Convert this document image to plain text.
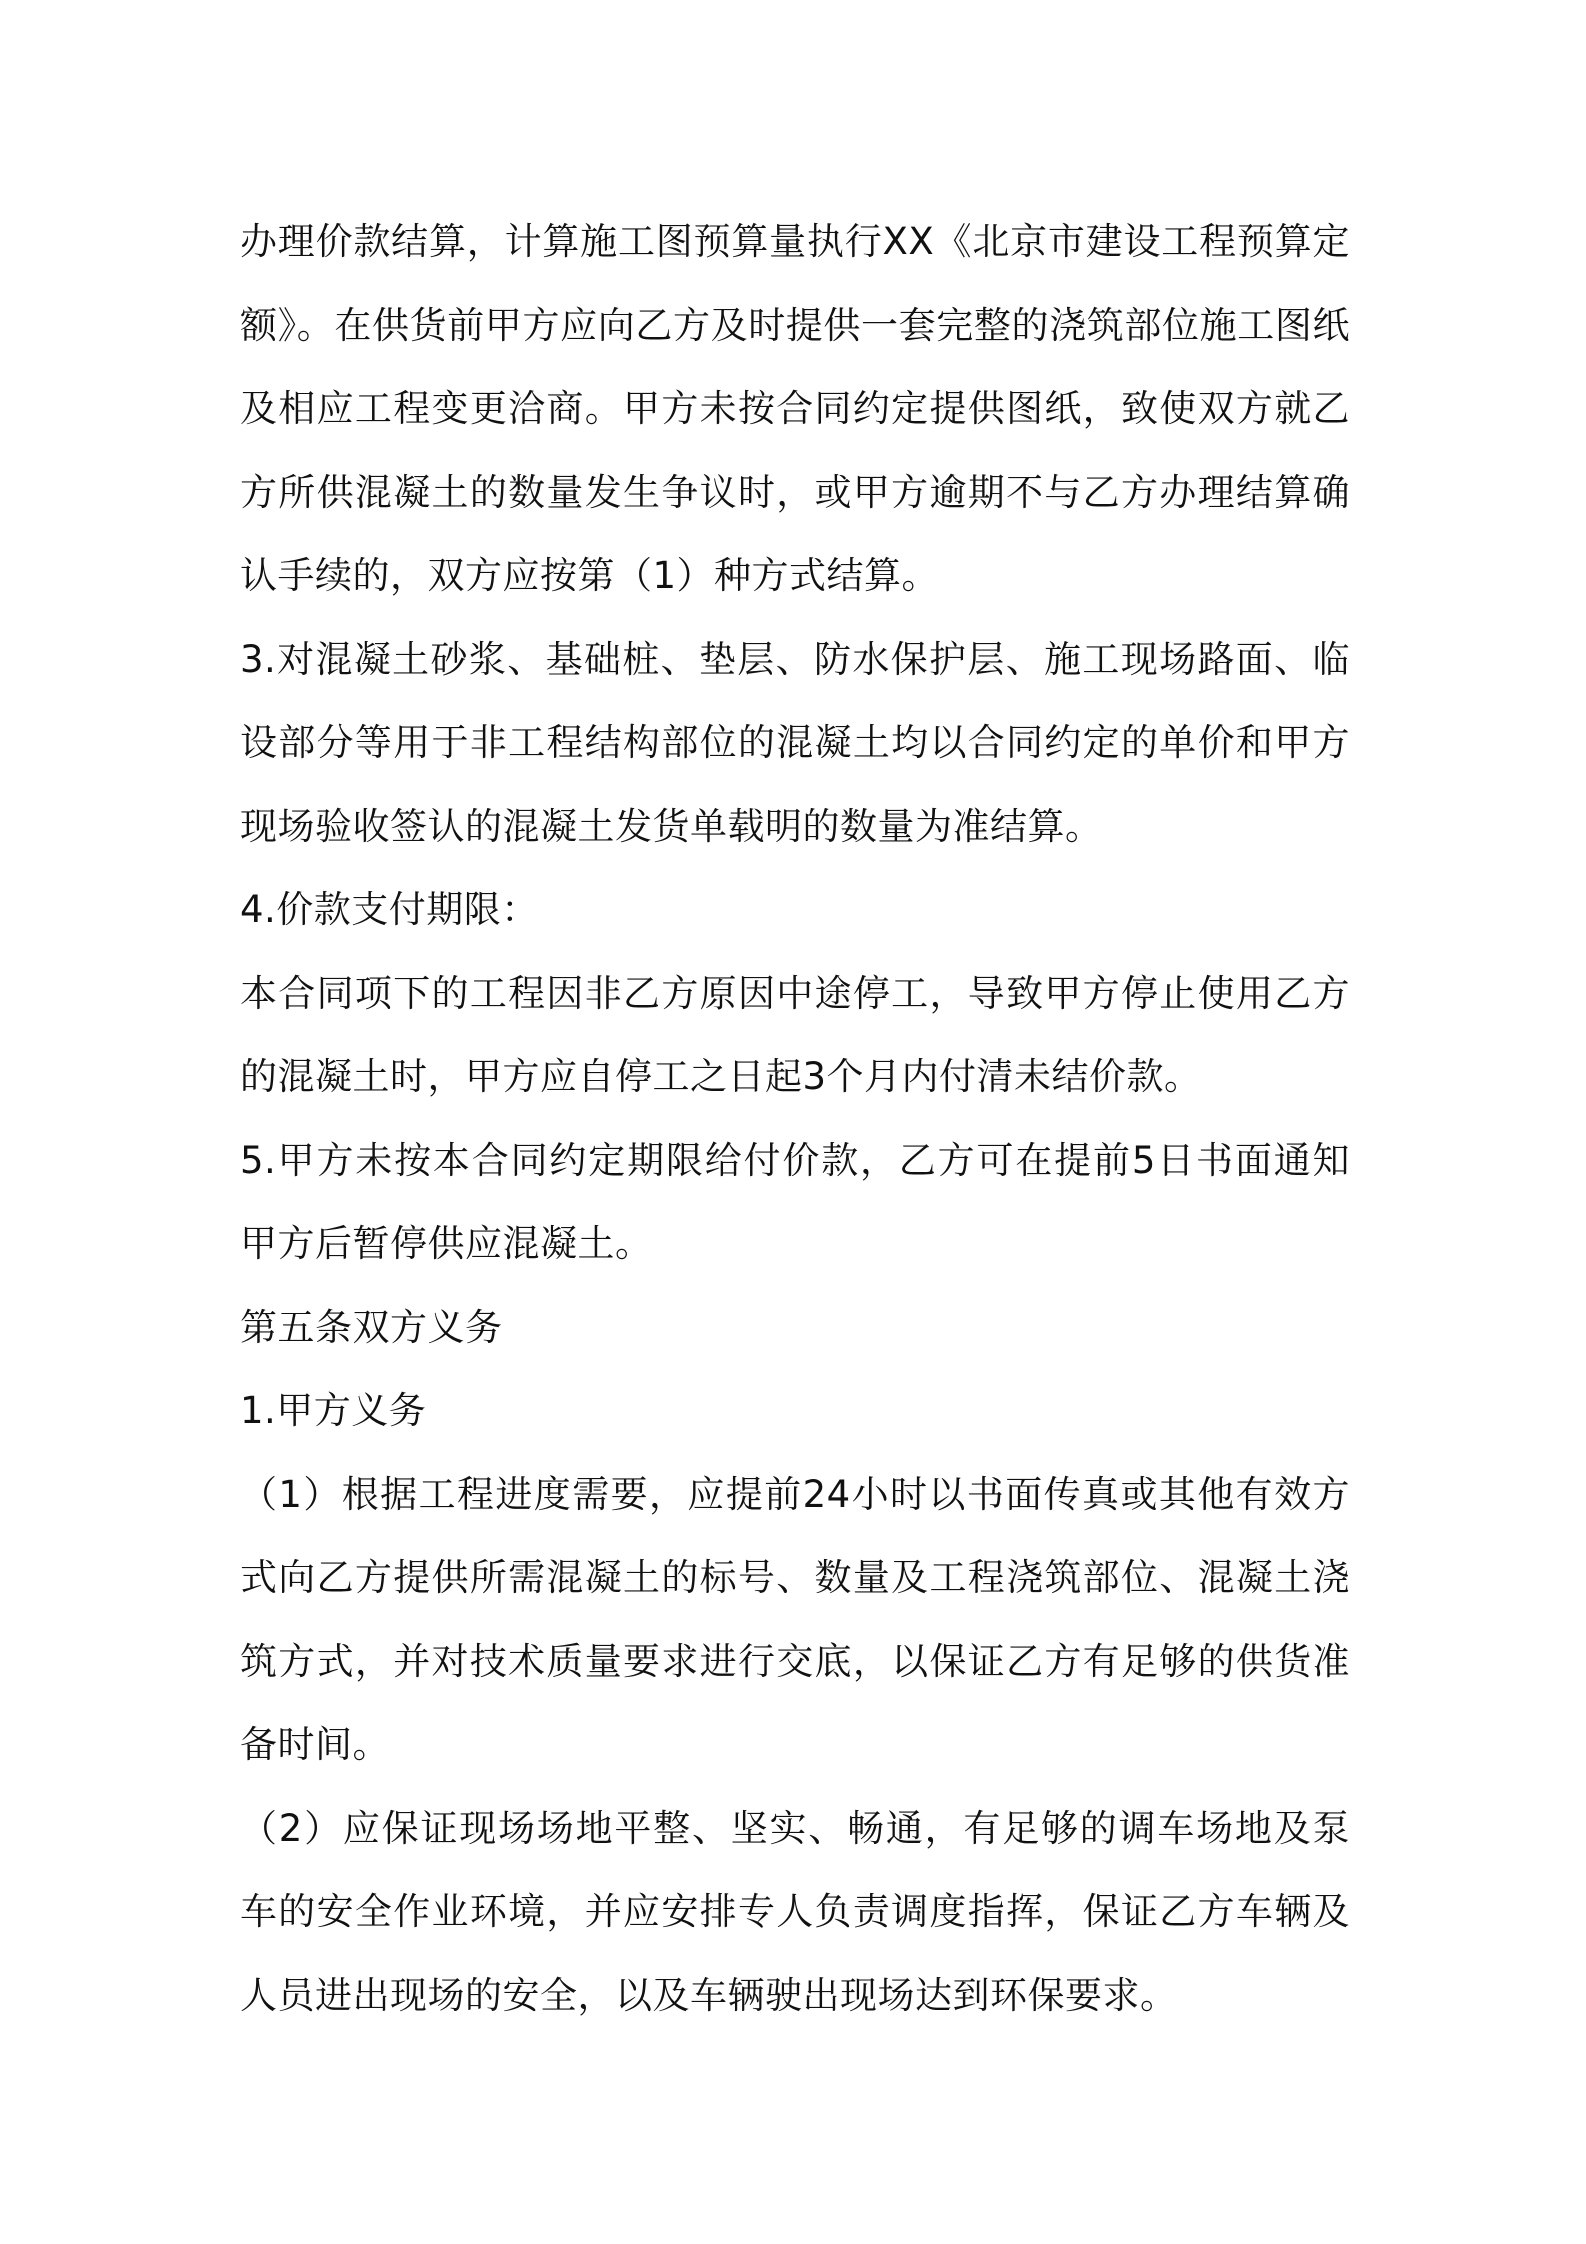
办理价款结算，计算施工图预算量执行XX《北京市建设工程预算定额》。在供货前甲方应向乙方及时提供一套完整的浇筑部位施工图纸及相应工程变更洽商。甲方未按合同约定提供图纸，致使双方就乙方所供混凝土的数量发生争议时，或甲方逾期不与乙方办理结算确认手续的，双方应按第（1）种方式结算。

3.对混凝土砂浆、基础桩、垫层、防水保护层、施工现场路面、临设部分等用于非工程结构部位的混凝土均以合同约定的单价和甲方现场验收签认的混凝土发货单载明的数量为准结算。

4.价款支付期限：

本合同项下的工程因非乙方原因中途停工，导致甲方停止使用乙方的混凝土时，甲方应自停工之日起3个月内付清未结价款。

5.甲方未按本合同约定期限给付价款，乙方可在提前5日书面通知甲方后暂停供应混凝土。

第五条双方义务

1.甲方义务

（1）根据工程进度需要，应提前24小时以书面传真或其他有效方式向乙方提供所需混凝土的标号、数量及工程浇筑部位、混凝土浇筑方式，并对技术质量要求进行交底，以保证乙方有足够的供货准备时间。

（2）应保证现场场地平整、坚实、畅通，有足够的调车场地及泵车的安全作业环境，并应安排专人负责调度指挥，保证乙方车辆及人员进出现场的安全，以及车辆驶出现场达到环保要求。
